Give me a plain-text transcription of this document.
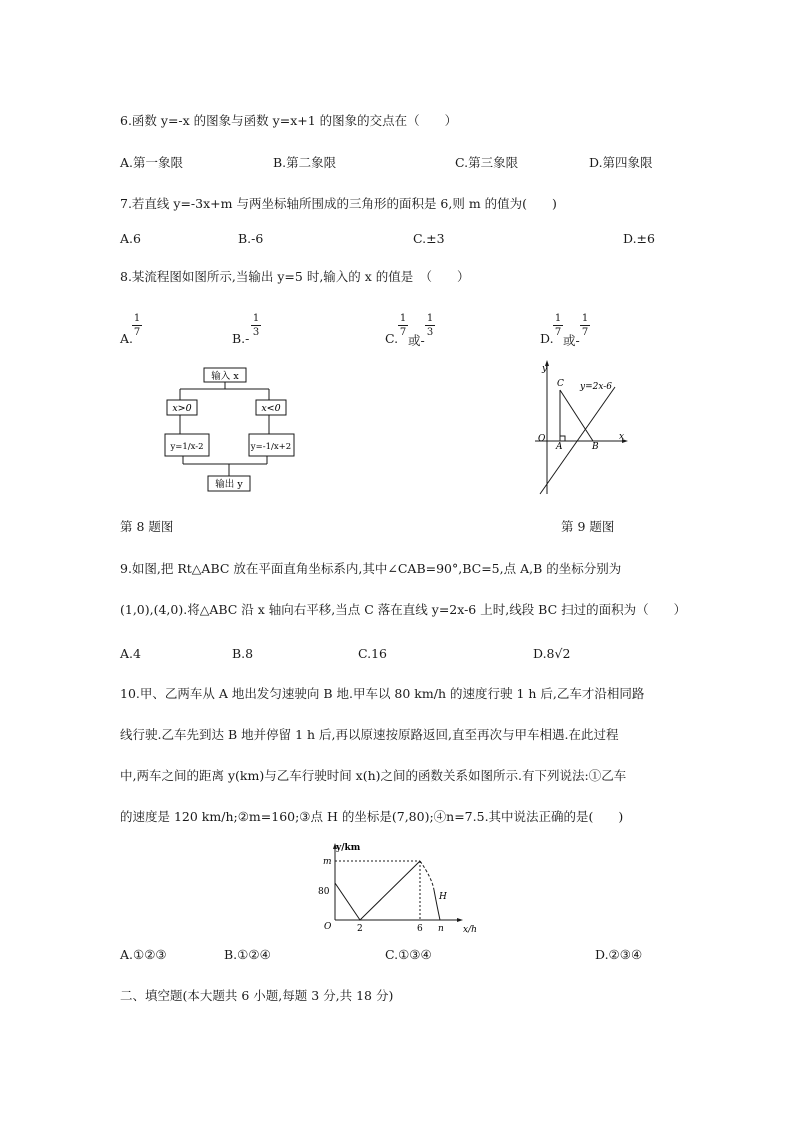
6.函数 y=-x 的图象与函数 y=x+1 的图象的交点在（　　）
A.第一象限	B.第二象限	C.第三象限	D.第四象限
7.若直线 y=-3x+m 与两坐标轴所围成的三角形的面积是 6,则 m 的值为(　　)
A.6	B.-6	C.±3	D.±6
8.某流程图如图所示,当输出 y=5 时,输入的 x 的值是　（　　）
A.
1
7	B.-
1
3	C.
1
7
或-
1
3	D.
1
7
或-
1
7
输入 x
x>0	x<0
y=1/x-2	y=-1/x+2
输出 y
y
x
O
A	B
C y=2x-6
第 8 题图	第 9 题图
9.如图,把 Rt△ABC 放在平面直角坐标系内,其中∠CAB=90°,BC=5,点 A,B 的坐标分别为
(1,0),(4,0).将△ABC 沿 x 轴向右平移,当点 C 落在直线 y=2x-6 上时,线段 BC 扫过的面积为（　　）
A.4	B.8	C.16	D.8√2
10.甲、乙两车从 A 地出发匀速驶向 B 地.甲车以 80 km/h 的速度行驶 1 h 后,乙车才沿相同路
线行驶.乙车先到达 B 地并停留 1 h 后,再以原速按原路返回,直至再次与甲车相遇.在此过程
中,两车之间的距离 y(km)与乙车行驶时间 x(h)之间的函数关系如图所示.有下列说法:①乙车
的速度是 120 km/h;②m=160;③点 H 的坐标是(7,80);④n=7.5.其中说法正确的是(　　)
y/km
x/h
m
80
O	2	6 n
H
A.①②③	B.①②④	C.①③④	D.②③④
二、填空题(本大题共 6 小题,每题 3 分,共 18 分)
